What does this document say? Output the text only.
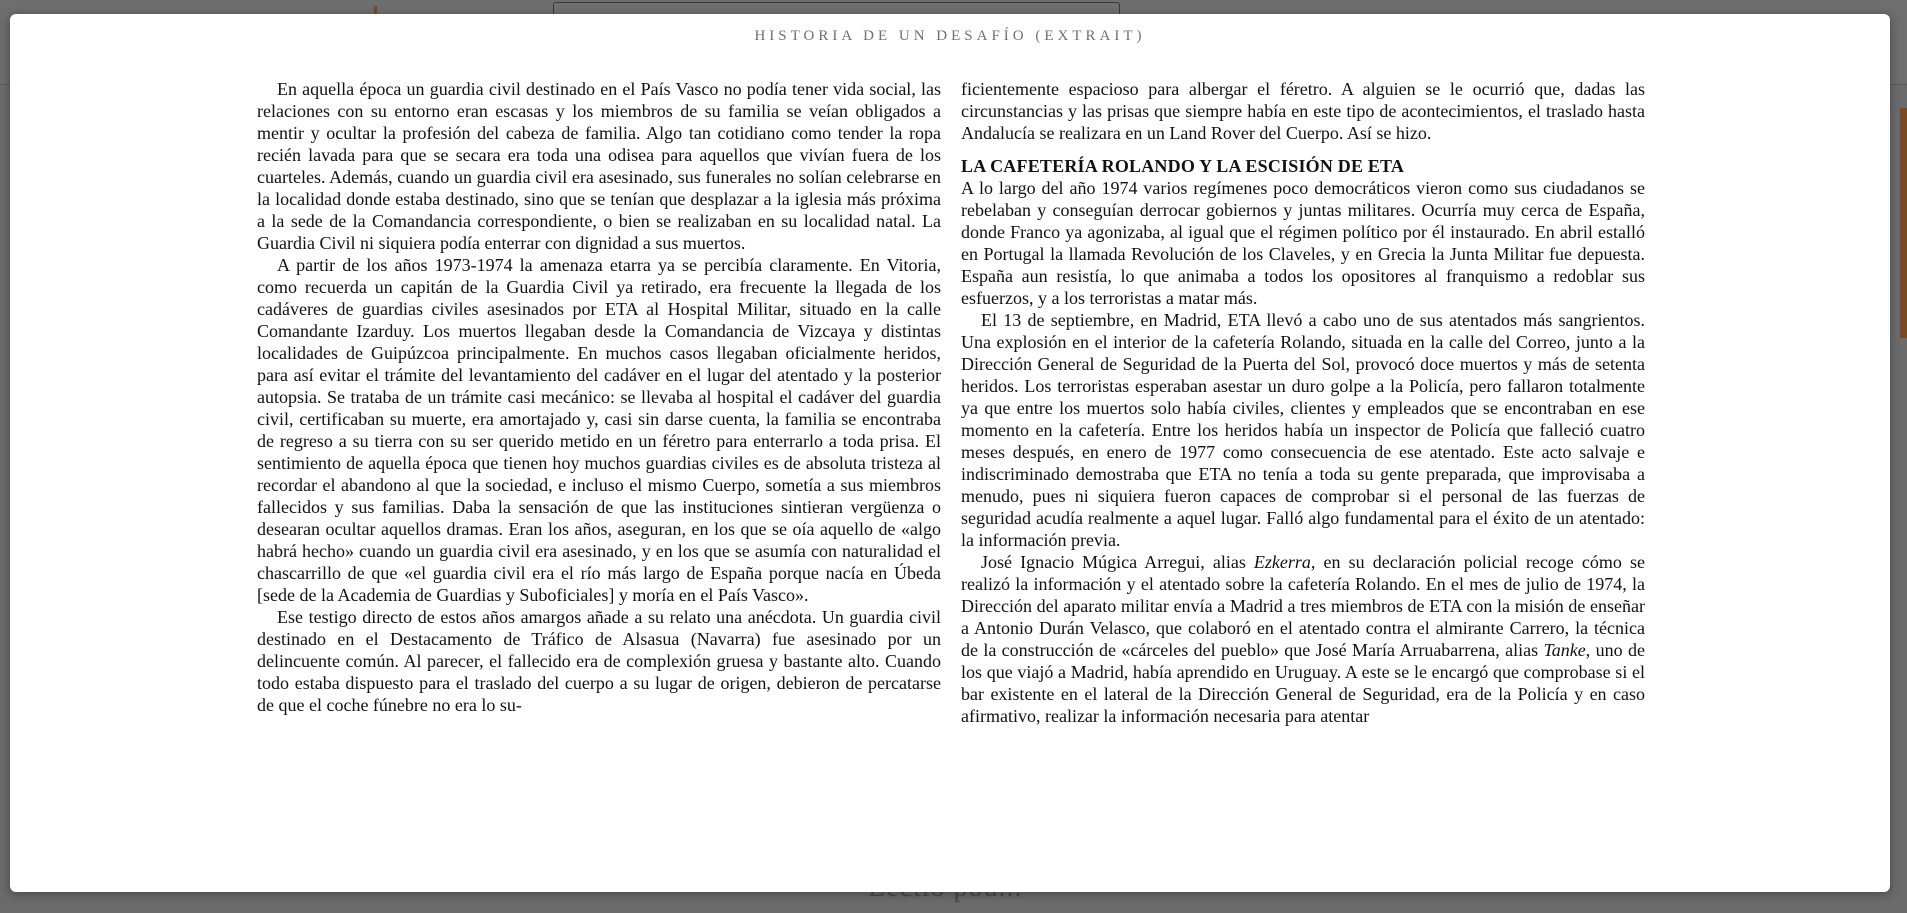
HISTORIA DE UN DESAFÍO (EXTRAIT)

En aquella época un guardia civil destinado en el País Vasco no podía tener vida social, las relaciones con su entorno eran escasas y los miembros de su familia se veían obligados a mentir y ocultar la profesión del cabeza de familia. Algo tan cotidiano como tender la ropa recién lavada para que se secara era toda una odisea para aquellos que vivían fuera de los cuarteles. Además, cuando un guardia civil era asesinado, sus funerales no solían celebrarse en la localidad donde estaba destinado, sino que se tenían que desplazar a la iglesia más próxima a la sede de la Comandancia correspondiente, o bien se realizaban en su localidad natal. La Guardia Civil ni siquiera podía enterrar con dignidad a sus muertos.

A partir de los años 1973-1974 la amenaza etarra ya se percibía claramente. En Vitoria, como recuerda un capitán de la Guardia Civil ya retirado, era frecuente la llegada de los cadáveres de guardias civiles asesinados por ETA al Hospital Militar, situado en la calle Comandante Izarduy. Los muertos llegaban desde la Comandancia de Vizcaya y distintas localidades de Guipúzcoa principalmente. En muchos casos llegaban oficialmente heridos, para así evitar el trámite del levantamiento del cadáver en el lugar del atentado y la posterior autopsia. Se trataba de un trámite casi mecánico: se llevaba al hospital el cadáver del guardia civil, certificaban su muerte, era amortajado y, casi sin darse cuenta, la familia se encontraba de regreso a su tierra con su ser querido metido en un féretro para enterrarlo a toda prisa. El sentimiento de aquella época que tienen hoy muchos guardias civiles es de absoluta tristeza al recordar el abandono al que la sociedad, e incluso el mismo Cuerpo, sometía a sus miembros fallecidos y sus familias. Daba la sensación de que las instituciones sintieran vergüenza o desearan ocultar aquellos dramas. Eran los años, aseguran, en los que se oía aquello de «algo habrá hecho» cuando un guardia civil era asesinado, y en los que se asumía con naturalidad el chascarrillo de que «el guardia civil era el río más largo de España porque nacía en Úbeda [sede de la Academia de Guardias y Suboficiales] y moría en el País Vasco».

Ese testigo directo de estos años amargos añade a su relato una anécdota. Un guardia civil destinado en el Destacamento de Tráfico de Alsasua (Navarra) fue asesinado por un delincuente común. Al parecer, el fallecido era de complexión gruesa y bastante alto. Cuando todo estaba dispuesto para el traslado del cuerpo a su lugar de origen, debieron de percatarse de que el coche fúnebre no era lo su-

ficientemente espacioso para albergar el féretro. A alguien se le ocurrió que, dadas las circunstancias y las prisas que siempre había en este tipo de acontecimientos, el traslado hasta Andalucía se realizara en un Land Rover del Cuerpo. Así se hizo.

LA CAFETERÍA ROLANDO Y LA ESCISIÓN DE ETA

A lo largo del año 1974 varios regímenes poco democráticos vieron como sus ciudadanos se rebelaban y conseguían derrocar gobiernos y juntas militares. Ocurría muy cerca de España, donde Franco ya agonizaba, al igual que el régimen político por él instaurado. En abril estalló en Portugal la llamada Revolución de los Claveles, y en Grecia la Junta Militar fue depuesta. España aun resistía, lo que animaba a todos los opositores al franquismo a redoblar sus esfuerzos, y a los terroristas a matar más.

El 13 de septiembre, en Madrid, ETA llevó a cabo uno de sus atentados más sangrientos. Una explosión en el interior de la cafetería Rolando, situada en la calle del Correo, junto a la Dirección General de Seguridad de la Puerta del Sol, provocó doce muertos y más de setenta heridos. Los terroristas esperaban asestar un duro golpe a la Policía, pero fallaron totalmente ya que entre los muertos solo había civiles, clientes y empleados que se encontraban en ese momento en la cafetería. Entre los heridos había un inspector de Policía que falleció cuatro meses después, en enero de 1977 como consecuencia de ese atentado. Este acto salvaje e indiscriminado demostraba que ETA no tenía a toda su gente preparada, que improvisaba a menudo, pues ni siquiera fueron capaces de comprobar si el personal de las fuerzas de seguridad acudía realmente a aquel lugar. Falló algo fundamental para el éxito de un atentado: la información previa.

José Ignacio Múgica Arregui, alias Ezkerra, en su declaración policial recoge cómo se realizó la información y el atentado sobre la cafetería Rolando. En el mes de julio de 1974, la Dirección del aparato militar envía a Madrid a tres miembros de ETA con la misión de enseñar a Antonio Durán Velasco, que colaboró en el atentado contra el almirante Carrero, la técnica de la construcción de «cárceles del pueblo» que José María Arruabarrena, alias Tanke, uno de los que viajó a Madrid, había aprendido en Uruguay. A este se le encargó que comprobase si el bar existente en el lateral de la Dirección General de Seguridad, era de la Policía y en caso afirmativo, realizar la información necesaria para atentar
